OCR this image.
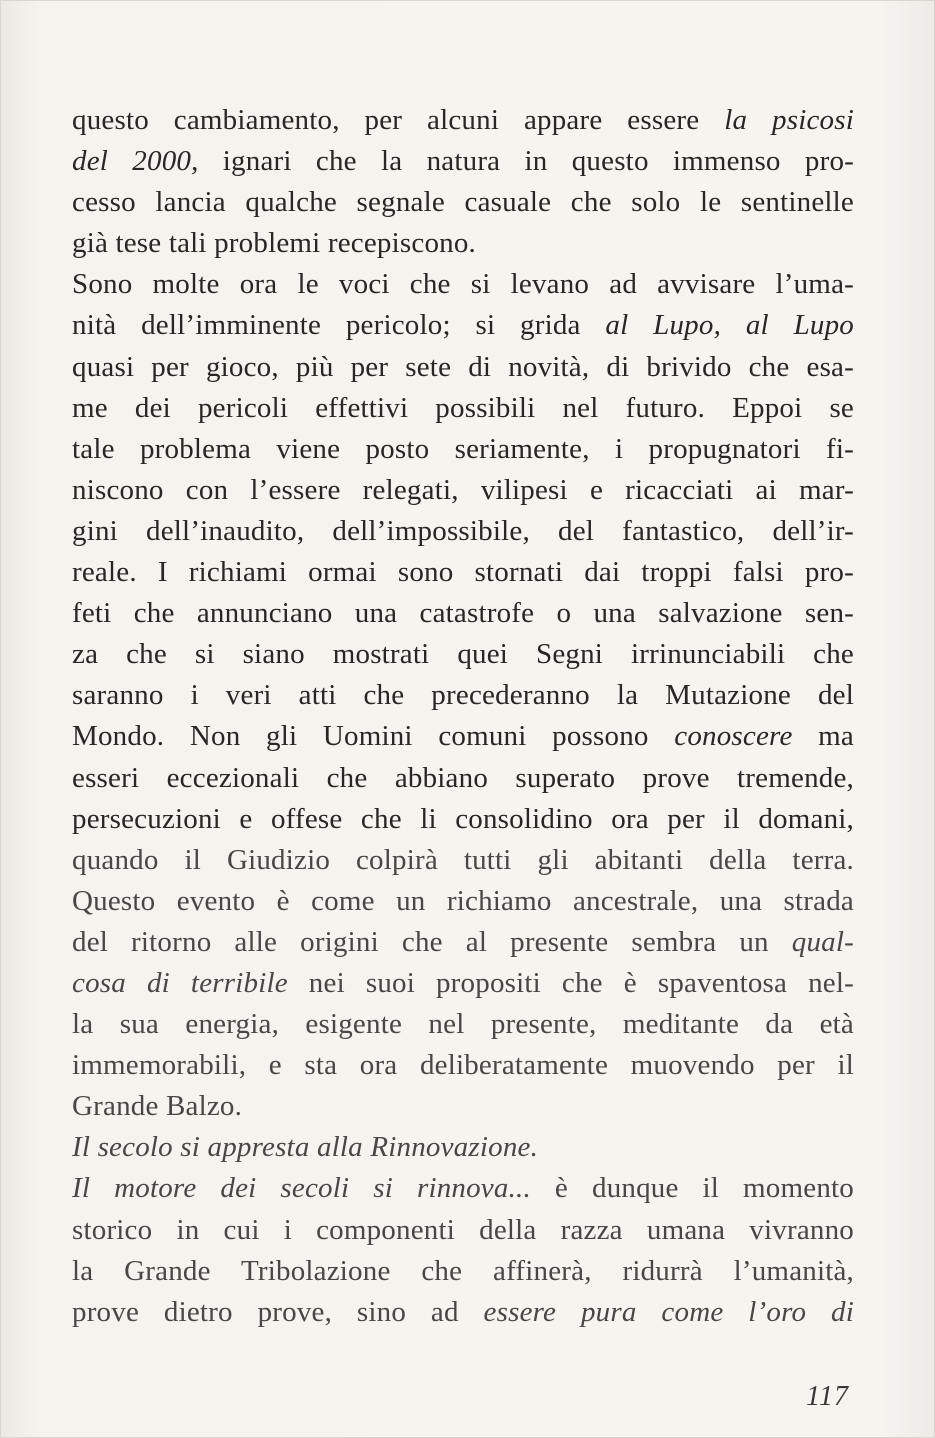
questo cambiamento, per alcuni appare essere la psicosi
del 2000, ignari che la natura in questo immenso pro-
cesso lancia qualche segnale casuale che solo le sentinelle
già tese tali problemi recepiscono.
Sono molte ora le voci che si levano ad avvisare l’uma-
nità dell’imminente pericolo; si grida al Lupo, al Lupo
quasi per gioco, più per sete di novità, di brivido che esa-
me dei pericoli effettivi possibili nel futuro. Eppoi se
tale problema viene posto seriamente, i propugnatori fi-
niscono con l’essere relegati, vilipesi e ricacciati ai mar-
gini dell’inaudito, dell’impossibile, del fantastico, dell’ir-
reale. I richiami ormai sono stornati dai troppi falsi pro-
feti che annunciano una catastrofe o una salvazione sen-
za che si siano mostrati quei Segni irrinunciabili che
saranno i veri atti che precederanno la Mutazione del
Mondo. Non gli Uomini comuni possono conoscere ma
esseri eccezionali che abbiano superato prove tremende,
persecuzioni e offese che li consolidino ora per il domani,
quando il Giudizio colpirà tutti gli abitanti della terra.
Questo evento è come un richiamo ancestrale, una strada
del ritorno alle origini che al presente sembra un qual-
cosa di terribile nei suoi propositi che è spaventosa nel-
la sua energia, esigente nel presente, meditante da età
immemorabili, e sta ora deliberatamente muovendo per il
Grande Balzo.
Il secolo si appresta alla Rinnovazione.
Il motore dei secoli si rinnova... è dunque il momento
storico in cui i componenti della razza umana vivranno
la Grande Tribolazione che affinerà, ridurrà l’umanità,
prove dietro prove, sino ad essere pura come l’oro di
117
